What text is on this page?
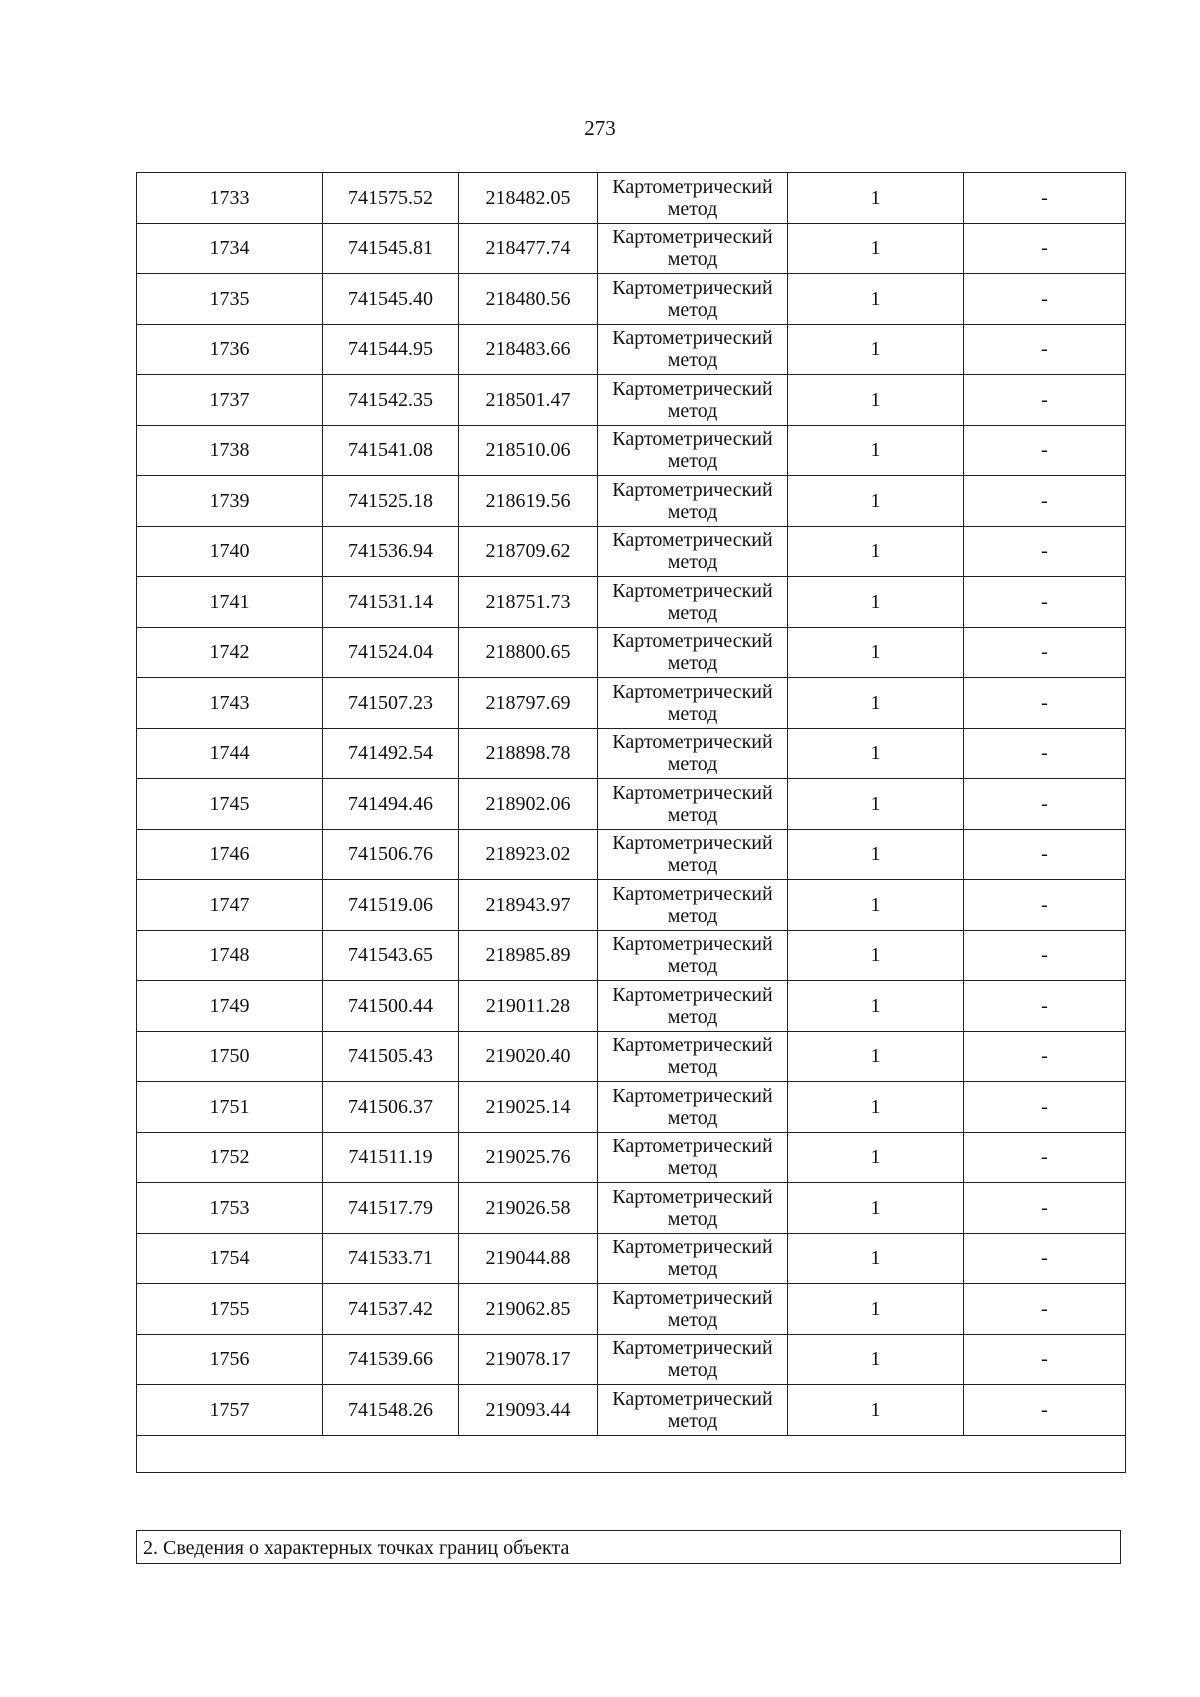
273
1733	741575.52	218482.05	Картометрический метод	1	-
1734	741545.81	218477.74	Картометрический метод	1	-
1735	741545.40	218480.56	Картометрический метод	1	-
1736	741544.95	218483.66	Картометрический метод	1	-
1737	741542.35	218501.47	Картометрический метод	1	-
1738	741541.08	218510.06	Картометрический метод	1	-
1739	741525.18	218619.56	Картометрический метод	1	-
1740	741536.94	218709.62	Картометрический метод	1	-
1741	741531.14	218751.73	Картометрический метод	1	-
1742	741524.04	218800.65	Картометрический метод	1	-
1743	741507.23	218797.69	Картометрический метод	1	-
1744	741492.54	218898.78	Картометрический метод	1	-
1745	741494.46	218902.06	Картометрический метод	1	-
1746	741506.76	218923.02	Картометрический метод	1	-
1747	741519.06	218943.97	Картометрический метод	1	-
1748	741543.65	218985.89	Картометрический метод	1	-
1749	741500.44	219011.28	Картометрический метод	1	-
1750	741505.43	219020.40	Картометрический метод	1	-
1751	741506.37	219025.14	Картометрический метод	1	-
1752	741511.19	219025.76	Картометрический метод	1	-
1753	741517.79	219026.58	Картометрический метод	1	-
1754	741533.71	219044.88	Картометрический метод	1	-
1755	741537.42	219062.85	Картометрический метод	1	-
1756	741539.66	219078.17	Картометрический метод	1	-
1757	741548.26	219093.44	Картометрический метод	1	-

2. Сведения о характерных точках границ объекта
